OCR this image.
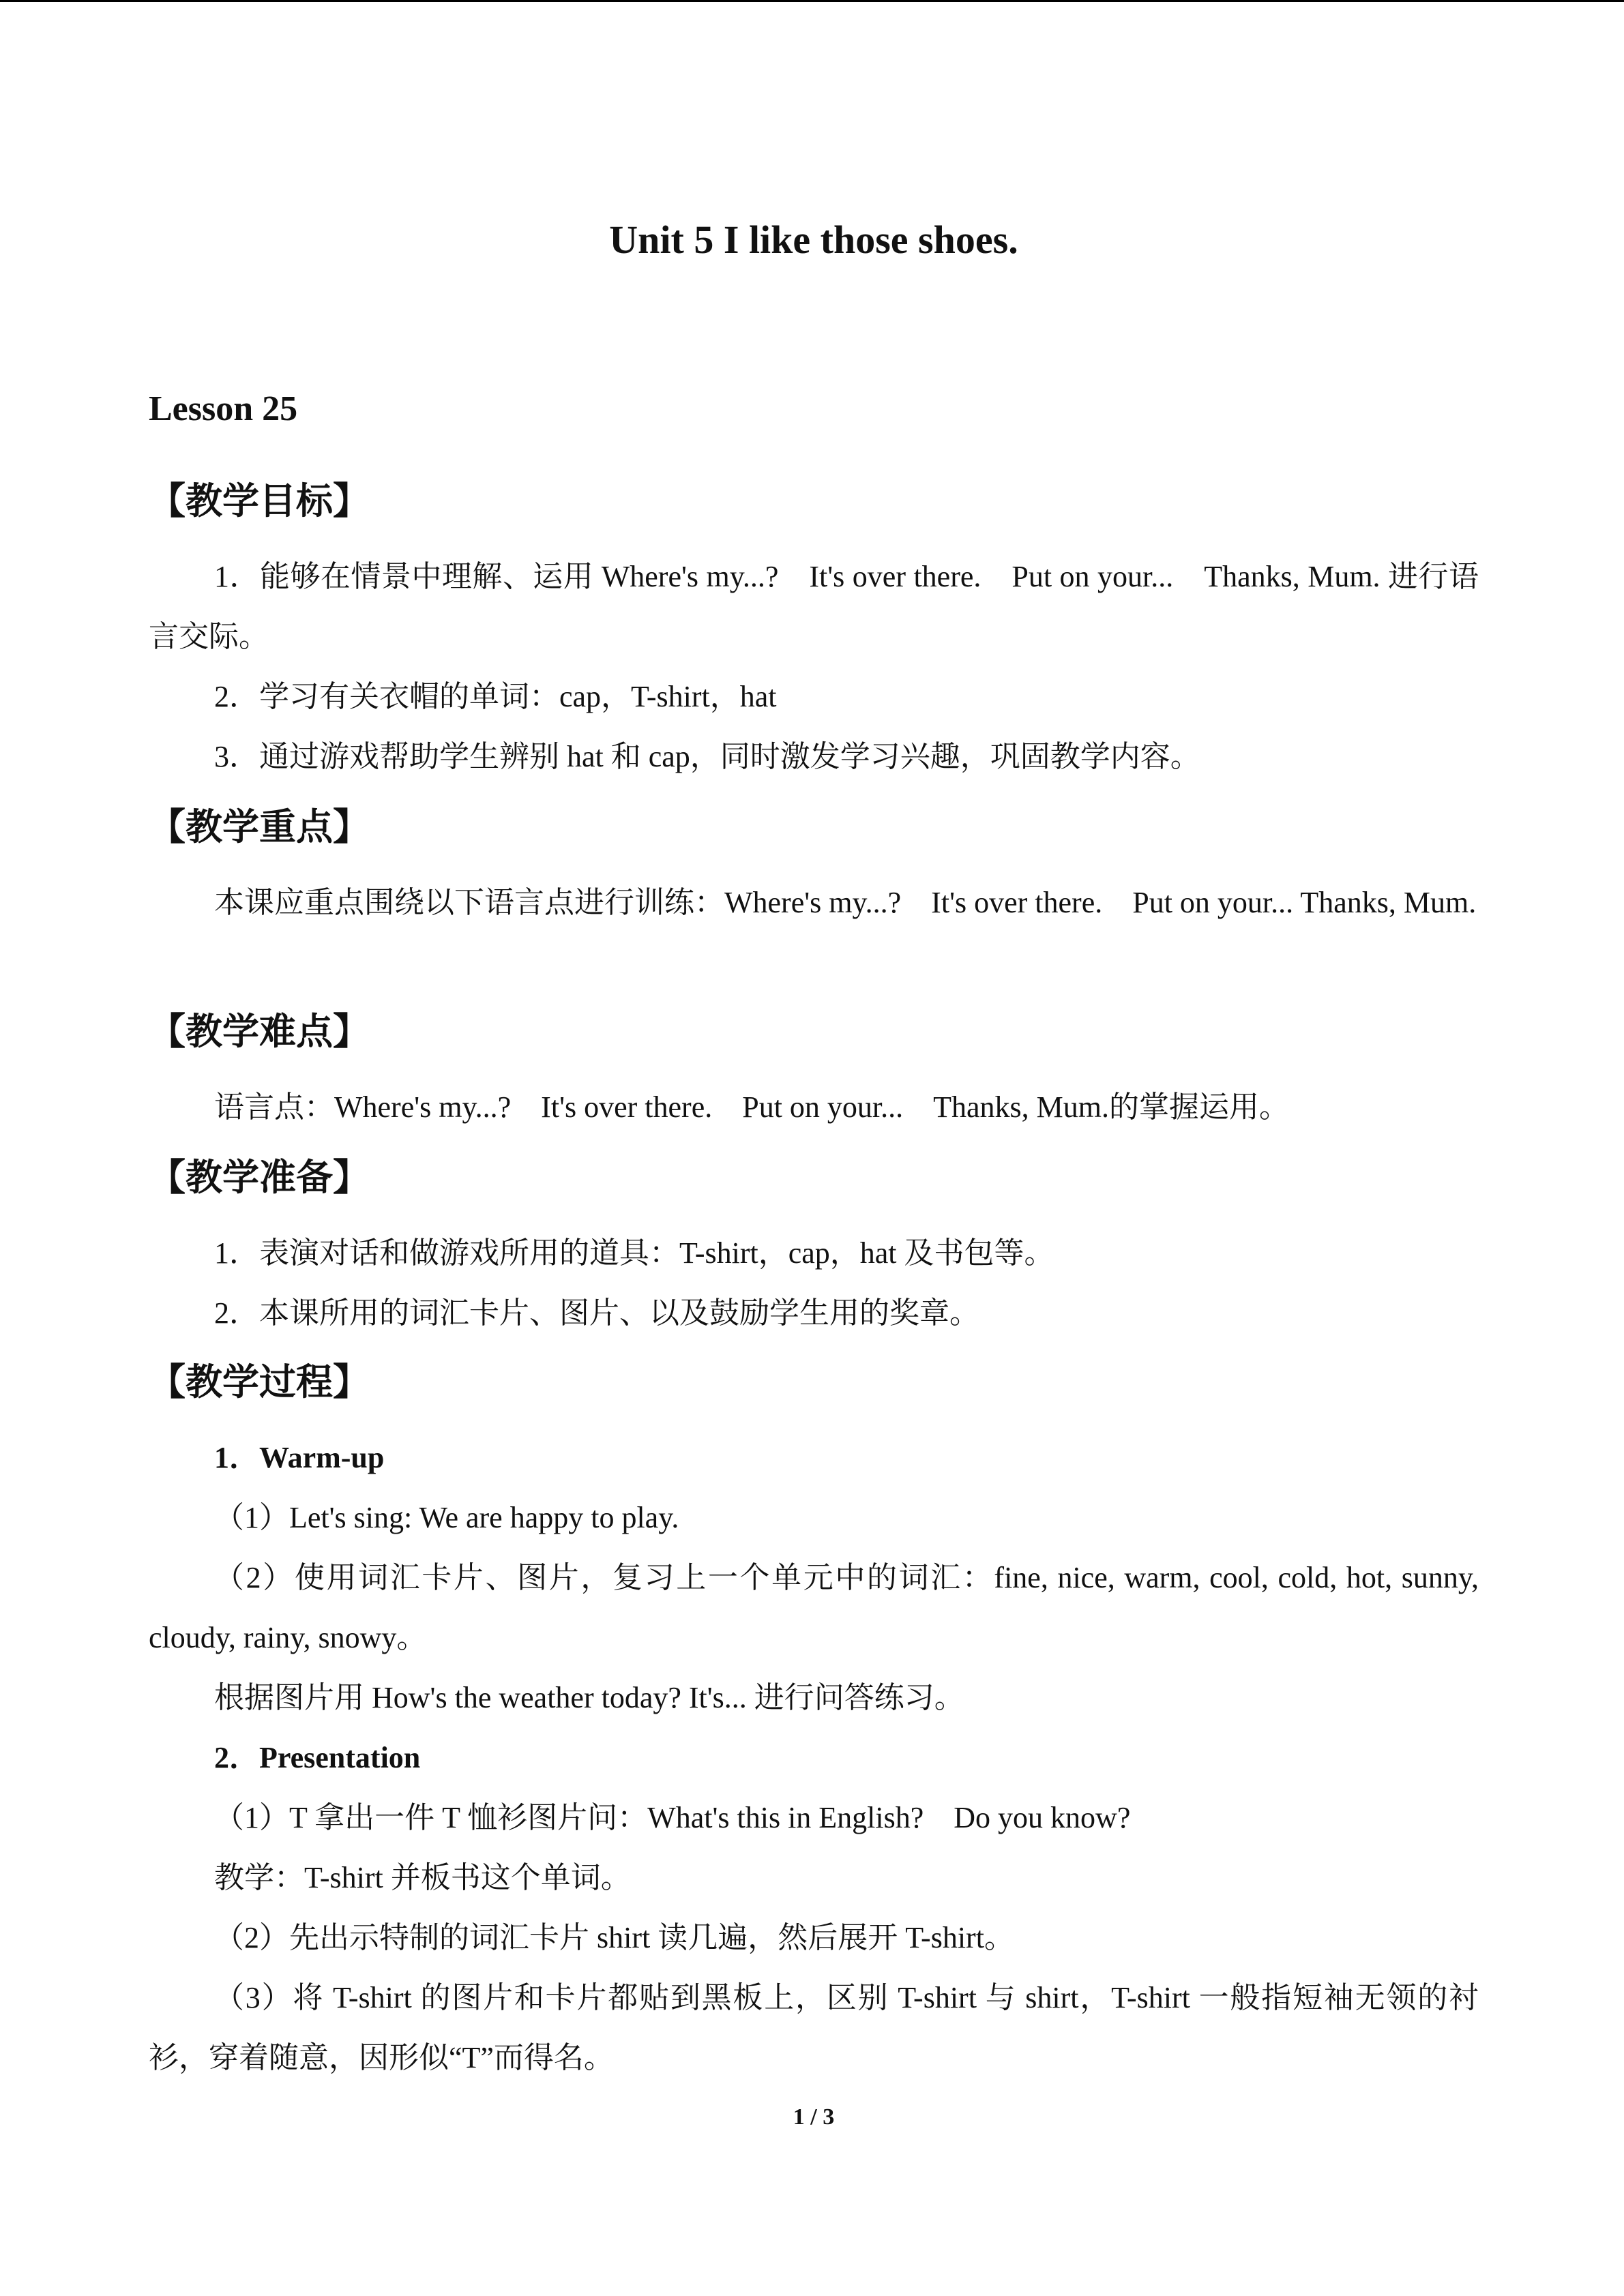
Unit 5 I like those shoes.
Lesson 25
【教学目标】
1．能够在情景中理解、运用 Where's my...?　It's over there.　Put on your...　Thanks, Mum. 进行语言交际。
2．学习有关衣帽的单词：cap，T-shirt，hat
3．通过游戏帮助学生辨别 hat 和 cap，同时激发学习兴趣，巩固教学内容。
【教学重点】
本课应重点围绕以下语言点进行训练：Where's my...?　It's over there.　Put on your... Thanks, Mum.
【教学难点】
语言点：Where's my...?　It's over there.　Put on your...　Thanks, Mum.的掌握运用。
【教学准备】
1．表演对话和做游戏所用的道具：T-shirt，cap，hat 及书包等。
2．本课所用的词汇卡片、图片、以及鼓励学生用的奖章。
【教学过程】
1．Warm-up
（1）Let's sing: We are happy to play.
（2）使用词汇卡片、图片，复习上一个单元中的词汇：fine, nice, warm, cool, cold, hot, sunny, cloudy, rainy, snowy。
根据图片用 How's the weather today? It's... 进行问答练习。
2．Presentation
（1）T 拿出一件 T 恤衫图片问：What's this in English?　Do you know?
教学：T-shirt 并板书这个单词。
（2）先出示特制的词汇卡片 shirt 读几遍，然后展开 T-shirt。
（3）将 T-shirt 的图片和卡片都贴到黑板上，区别 T-shirt 与 shirt，T-shirt 一般指短袖无领的衬衫，穿着随意，因形似“T”而得名。
1 / 3
